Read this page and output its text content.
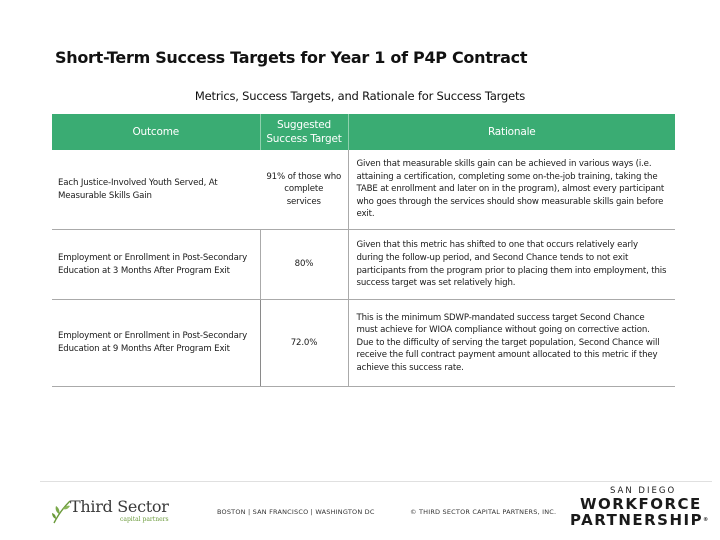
Short-Term Success Targets for Year 1 of P4P Contract
Metrics, Success Targets, and Rationale for Success Targets
Outcome	Suggested Success Target	Rationale
Each Justice-Involved Youth Served, At Measurable Skills Gain	91% of those who complete services	Given that measurable skills gain can be achieved in various ways (i.e. attaining a certification, completing some on-the-job training, taking the TABE at enrollment and later on in the program), almost every participant who goes through the services should show measurable skills gain before exit.
Employment or Enrollment in Post-Secondary Education at 3 Months After Program Exit	80%	Given that this metric has shifted to one that occurs relatively early during the follow-up period, and Second Chance tends to not exit participants from the program prior to placing them into employment, this success target was set relatively high.
Employment or Enrollment in Post-Secondary Education at 9 Months After Program Exit	72.0%	This is the minimum SDWP-mandated success target Second Chance must achieve for WIOA compliance without going on corrective action. Due to the difficulty of serving the target population, Second Chance will receive the full contract payment amount allocated to this metric if they achieve this success rate.
Third Sector
capital partners
BOSTON | SAN FRANCISCO | WASHINGTON DC	© THIRD SECTOR CAPITAL PARTNERS, INC.
SAN DIEGO
WORKFORCE
PARTNERSHIP®
